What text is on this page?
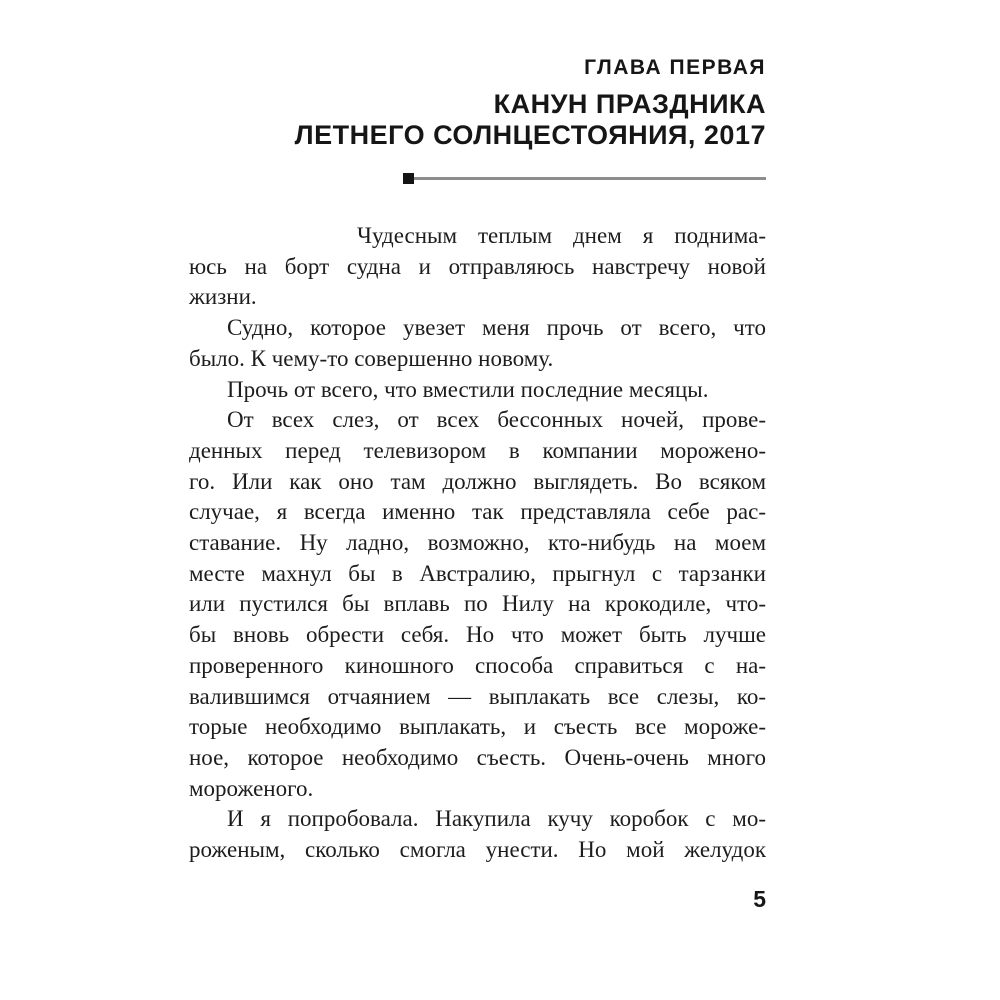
ГЛАВА ПЕРВАЯ
КАНУН ПРАЗДНИКА
ЛЕТНЕГО СОЛНЦЕСТОЯНИЯ, 2017
Чудесным теплым днем я поднима-
юсь на борт судна и отправляюсь навстречу новой
жизни.
Судно, которое увезет меня прочь от всего, что
было. К чему-то совершенно новому.
Прочь от всего, что вместили последние месяцы.
От всех слез, от всех бессонных ночей, прове-
денных перед телевизором в компании морожено-
го. Или как оно там должно выглядеть. Во всяком
случае, я всегда именно так представляла себе рас-
ставание. Ну ладно, возможно, кто-нибудь на моем
месте махнул бы в Австралию, прыгнул с тарзанки
или пустился бы вплавь по Нилу на крокодиле, что-
бы вновь обрести себя. Но что может быть лучше
проверенного киношного способа справиться с на-
валившимся отчаянием — выплакать все слезы, ко-
торые необходимо выплакать, и съесть все мороже-
ное, которое необходимо съесть. Очень-очень много
мороженого.
И я попробовала. Накупила кучу коробок с мо-
роженым, сколько смогла унести. Но мой желудок
5
